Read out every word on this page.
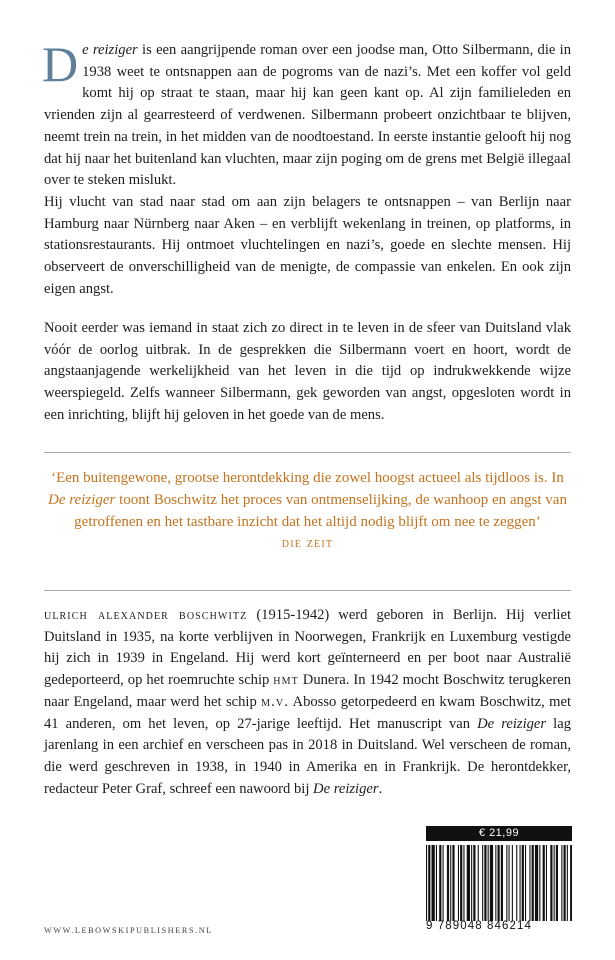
De reiziger is een aangrijpende roman over een joodse man, Otto Silbermann, die in 1938 weet te ontsnappen aan de pogroms van de nazi’s. Met een koffer vol geld komt hij op straat te staan, maar hij kan geen kant op. Al zijn familieleden en vrienden zijn al gearresteerd of verdwenen. Silbermann probeert onzichtbaar te blijven, neemt trein na trein, in het midden van de noodtoestand. In eerste instantie gelooft hij nog dat hij naar het buitenland kan vluchten, maar zijn poging om de grens met België illegaal over te steken mislukt.
Hij vlucht van stad naar stad om aan zijn belagers te ontsnappen – van Berlijn naar Hamburg naar Nürnberg naar Aken – en verblijft wekenlang in treinen, op platforms, in stationsrestaurants. Hij ontmoet vluchtelingen en nazi’s, goede en slechte mensen. Hij observeert de onverschilligheid van de menigte, de compassie van enkelen. En ook zijn eigen angst.

Nooit eerder was iemand in staat zich zo direct in te leven in de sfeer van Duitsland vlak vóór de oorlog uitbrak. In de gesprekken die Silbermann voert en hoort, wordt de angstaanjagende werkelijkheid van het leven in die tijd op indrukwekkende wijze weerspiegeld. Zelfs wanneer Silbermann, gek geworden van angst, opgesloten wordt in een inrichting, blijft hij geloven in het goede van de mens.

‘Een buitengewone, grootse herontdekking die zowel hoogst actueel als tijdloos is. In De reiziger toont Boschwitz het proces van ontmenselijking, de wanhoop en angst van getroffenen en het tastbare inzicht dat het altijd nodig blijft om nee te zeggen’
die zeit

ulrich alexander boschwitz (1915-1942) werd geboren in Berlijn. Hij verliet Duitsland in 1935, na korte verblijven in Noorwegen, Frankrijk en Luxemburg vestigde hij zich in 1939 in Engeland. Hij werd kort geïnterneerd en per boot naar Australië gedeporteerd, op het roemruchte schip hmt Dunera. In 1942 mocht Boschwitz terugkeren naar Engeland, maar werd het schip m.v. Abosso getorpedeerd en kwam Boschwitz, met 41 anderen, om het leven, op 27-jarige leeftijd. Het manuscript van De reiziger lag jarenlang in een archief en verscheen pas in 2018 in Duitsland. Wel verscheen de roman, die werd geschreven in 1938, in 1940 in Amerika en in Frankrijk. De herontdekker, redacteur Peter Graf, schreef een nawoord bij De reiziger.

WWW.LEBOWSKIPUBLISHERS.NL
€ 21,99
9 789048 846214
